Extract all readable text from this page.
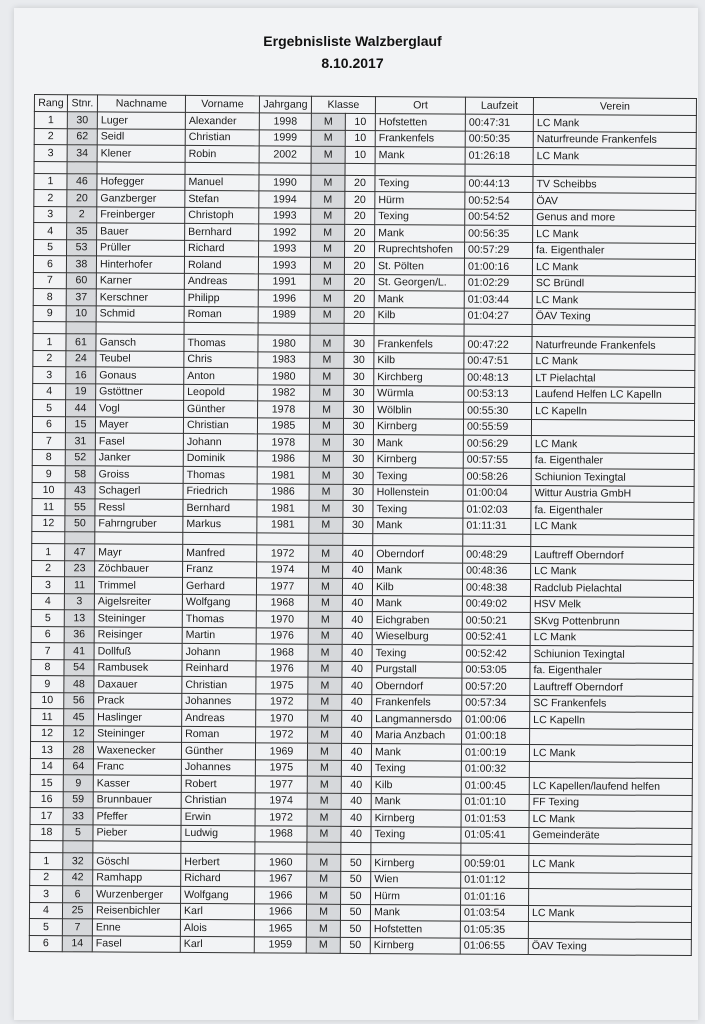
Ergebnisliste Walzberglauf
8.10.2017
Rang	Stnr.	Nachname	Vorname	Jahrgang	Klasse		Ort	Laufzeit	Verein
1	30	Luger	Alexander	1998	M	10	Hofstetten	00:47:31	LC Mank
2	62	Seidl	Christian	1999	M	10	Frankenfels	00:50:35	Naturfreunde Frankenfels
3	34	Klener	Robin	2002	M	10	Mank	01:26:18	LC Mank

1	46	Hofegger	Manuel	1990	M	20	Texing	00:44:13	TV Scheibbs
2	20	Ganzberger	Stefan	1994	M	20	Hürm	00:52:54	ÖAV
3	2	Freinberger	Christoph	1993	M	20	Texing	00:54:52	Genus and more
4	35	Bauer	Bernhard	1992	M	20	Mank	00:56:35	LC Mank
5	53	Prüller	Richard	1993	M	20	Ruprechtshofen	00:57:29	fa. Eigenthaler
6	38	Hinterhofer	Roland	1993	M	20	St. Pölten	01:00:16	LC Mank
7	60	Karner	Andreas	1991	M	20	St. Georgen/L.	01:02:29	SC Bründl
8	37	Kerschner	Philipp	1996	M	20	Mank	01:03:44	LC Mank
9	10	Schmid	Roman	1989	M	20	Kilb	01:04:27	ÖAV Texing

1	61	Gansch	Thomas	1980	M	30	Frankenfels	00:47:22	Naturfreunde Frankenfels
2	24	Teubel	Chris	1983	M	30	Kilb	00:47:51	LC Mank
3	16	Gonaus	Anton	1980	M	30	Kirchberg	00:48:13	LT Pielachtal
4	19	Gstöttner	Leopold	1982	M	30	Würmla	00:53:13	Laufend Helfen LC Kapelln
5	44	Vogl	Günther	1978	M	30	Wölblin	00:55:30	LC Kapelln
6	15	Mayer	Christian	1985	M	30	Kirnberg	00:55:59	
7	31	Fasel	Johann	1978	M	30	Mank	00:56:29	LC Mank
8	52	Janker	Dominik	1986	M	30	Kirnberg	00:57:55	fa. Eigenthaler
9	58	Groiss	Thomas	1981	M	30	Texing	00:58:26	Schiunion Texingtal
10	43	Schagerl	Friedrich	1986	M	30	Hollenstein	01:00:04	Wittur Austria GmbH
11	55	Ressl	Bernhard	1981	M	30	Texing	01:02:03	fa. Eigenthaler
12	50	Fahrngruber	Markus	1981	M	30	Mank	01:11:31	LC Mank

1	47	Mayr	Manfred	1972	M	40	Oberndorf	00:48:29	Lauftreff Oberndorf
2	23	Zöchbauer	Franz	1974	M	40	Mank	00:48:36	LC Mank
3	11	Trimmel	Gerhard	1977	M	40	Kilb	00:48:38	Radclub Pielachtal
4	3	Aigelsreiter	Wolfgang	1968	M	40	Mank	00:49:02	HSV Melk
5	13	Steininger	Thomas	1970	M	40	Eichgraben	00:50:21	SKvg Pottenbrunn
6	36	Reisinger	Martin	1976	M	40	Wieselburg	00:52:41	LC Mank
7	41	Dollfuß	Johann	1968	M	40	Texing	00:52:42	Schiunion Texingtal
8	54	Rambusek	Reinhard	1976	M	40	Purgstall	00:53:05	fa. Eigenthaler
9	48	Daxauer	Christian	1975	M	40	Oberndorf	00:57:20	Lauftreff Oberndorf
10	56	Prack	Johannes	1972	M	40	Frankenfels	00:57:34	SC Frankenfels
11	45	Haslinger	Andreas	1970	M	40	Langmannersdo	01:00:06	LC Kapelln
12	12	Steininger	Roman	1972	M	40	Maria Anzbach	01:00:18	
13	28	Waxenecker	Günther	1969	M	40	Mank	01:00:19	LC Mank
14	64	Franc	Johannes	1975	M	40	Texing	01:00:32	
15	9	Kasser	Robert	1977	M	40	Kilb	01:00:45	LC Kapellen/laufend helfen
16	59	Brunnbauer	Christian	1974	M	40	Mank	01:01:10	FF Texing
17	33	Pfeffer	Erwin	1972	M	40	Kirnberg	01:01:53	LC Mank
18	5	Pieber	Ludwig	1968	M	40	Texing	01:05:41	Gemeinderäte

1	32	Göschl	Herbert	1960	M	50	Kirnberg	00:59:01	LC Mank
2	42	Ramhapp	Richard	1967	M	50	Wien	01:01:12	
3	6	Wurzenberger	Wolfgang	1966	M	50	Hürm	01:01:16	
4	25	Reisenbichler	Karl	1966	M	50	Mank	01:03:54	LC Mank
5	7	Enne	Alois	1965	M	50	Hofstetten	01:05:35	
6	14	Fasel	Karl	1959	M	50	Kirnberg	01:06:55	ÖAV Texing
